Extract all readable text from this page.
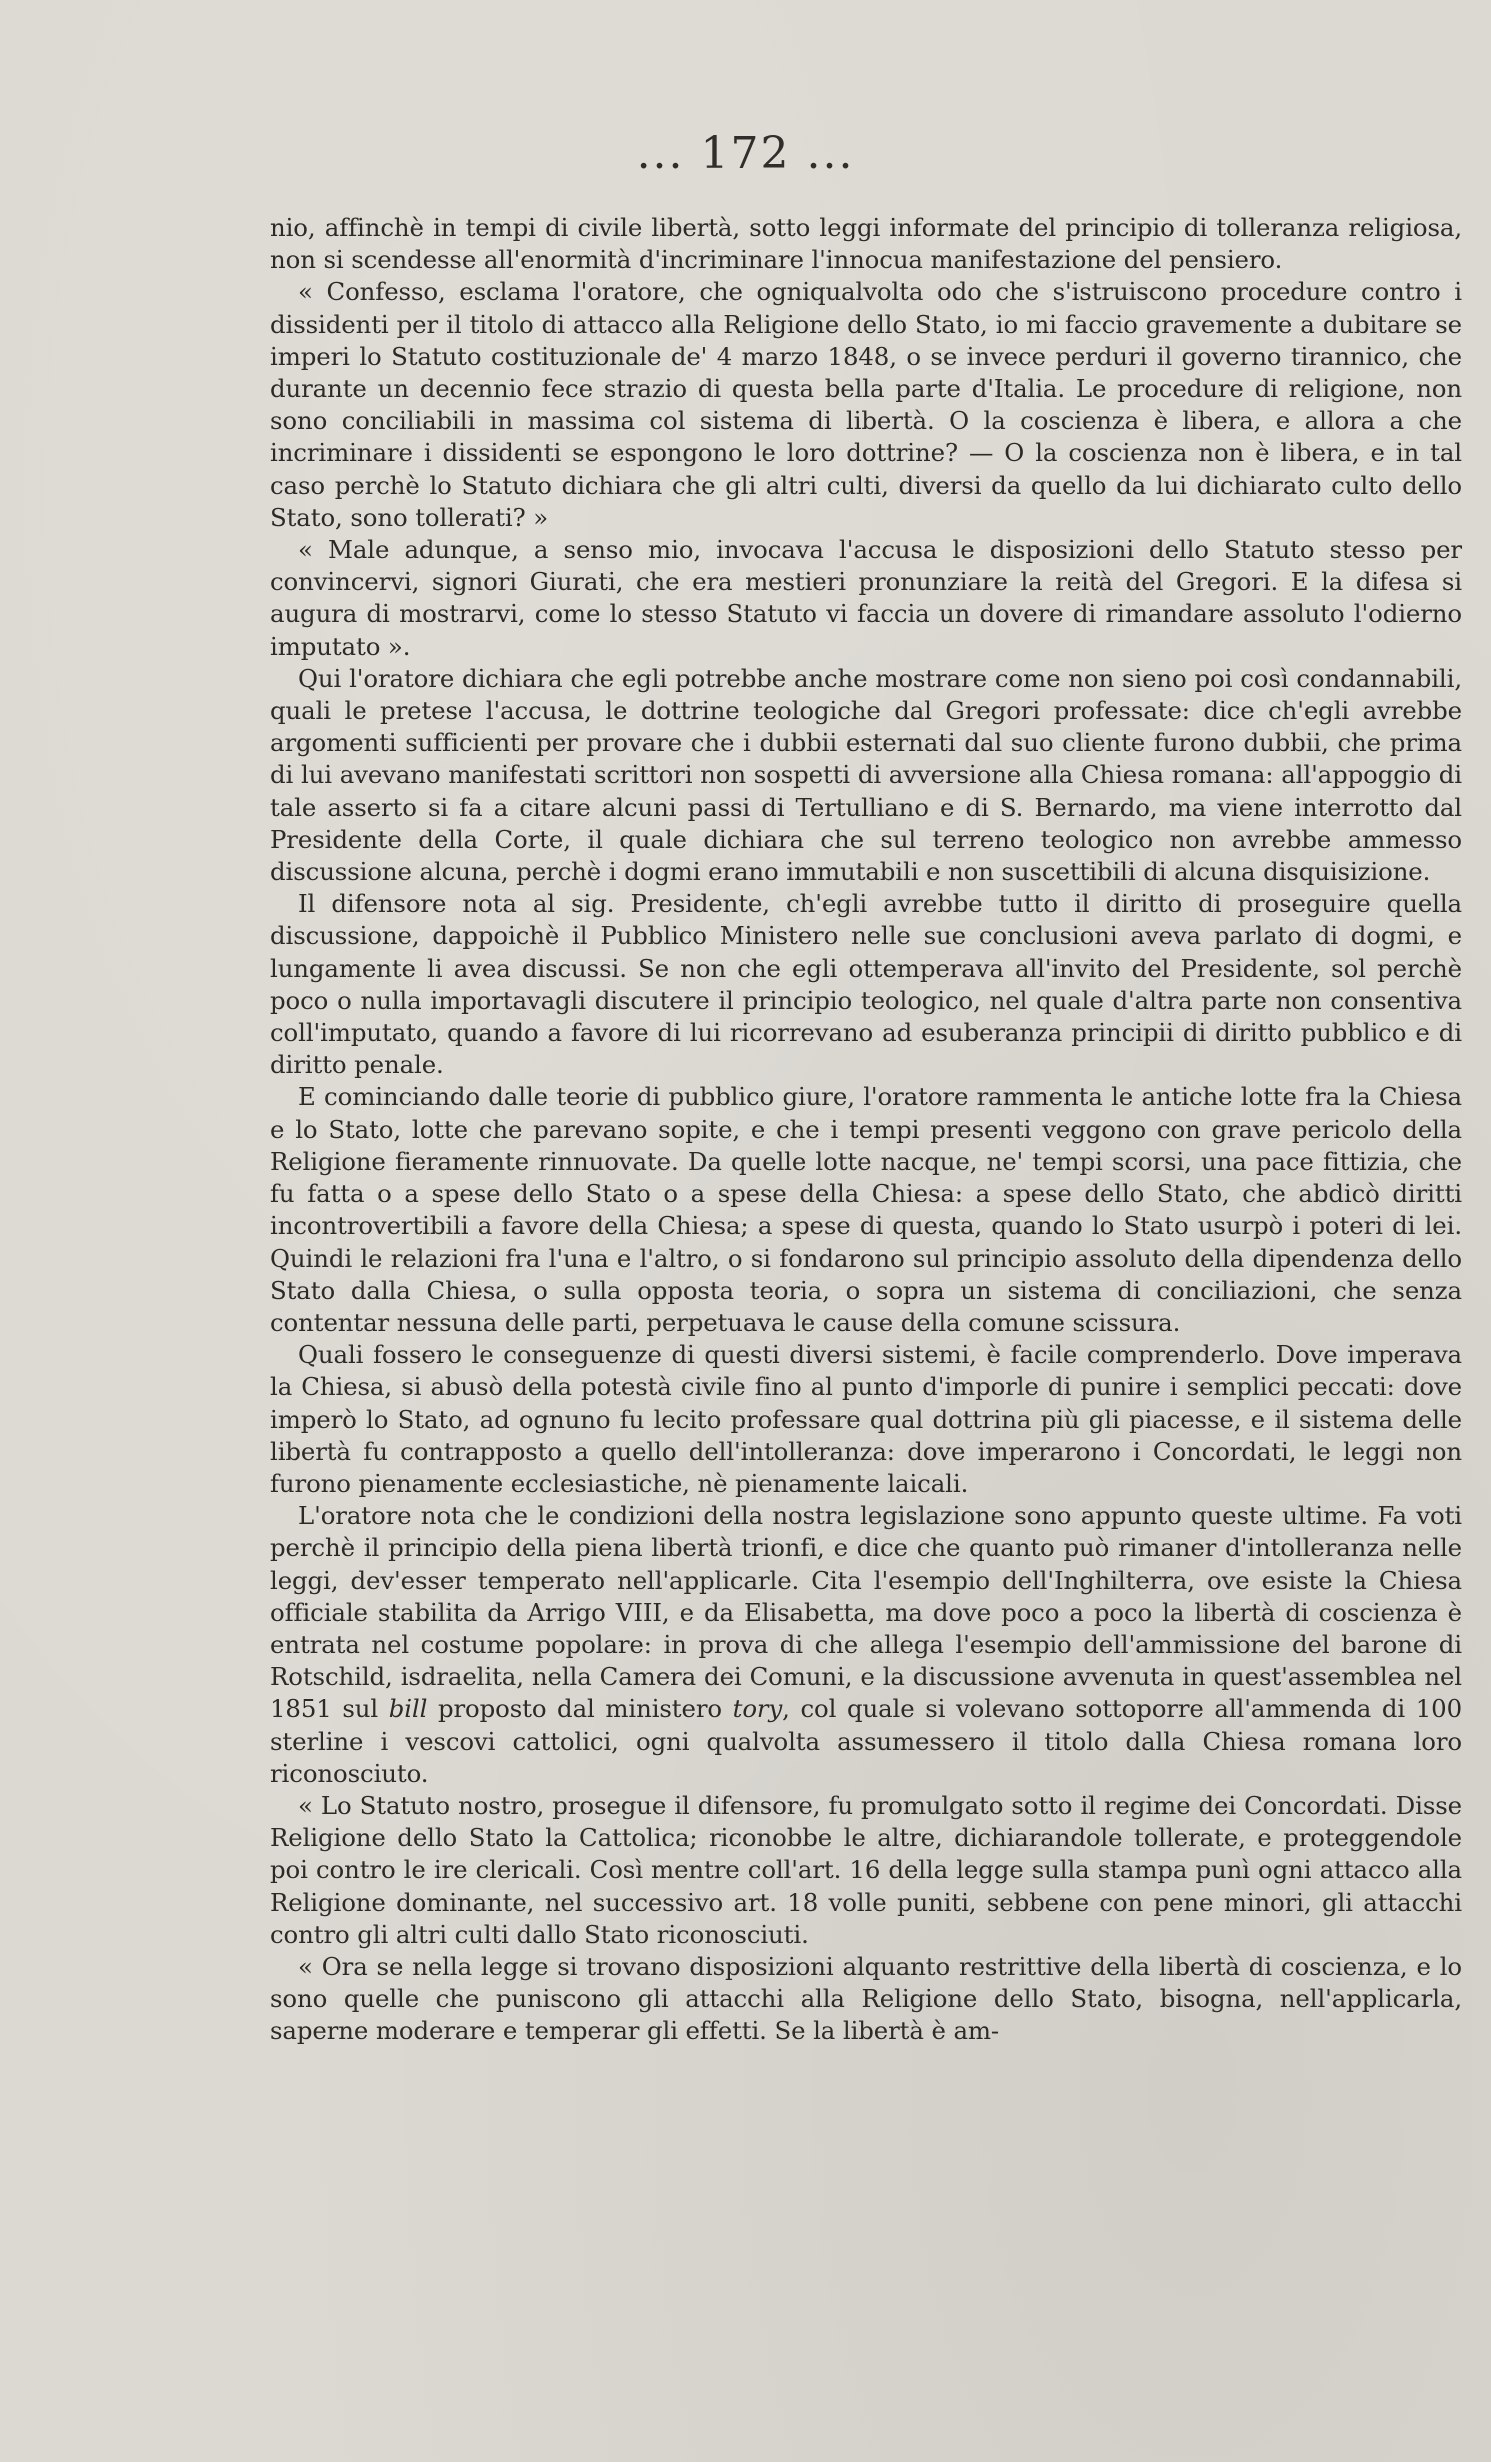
... 172 ...

nio, affinchè in tempi di civile libertà, sotto leggi informate del principio di tolleranza religiosa, non si scendesse all'enormità d'incriminare l'innocua manifestazione del pensiero.

« Confesso, esclama l'oratore, che ogniqualvolta odo che s'istruiscono procedure contro i dissidenti per il titolo di attacco alla Religione dello Stato, io mi faccio gravemente a dubitare se imperi lo Statuto costituzionale de' 4 marzo 1848, o se invece perduri il governo tirannico, che durante un decennio fece strazio di questa bella parte d'Italia. Le procedure di religione, non sono conciliabili in massima col sistema di libertà. O la coscienza è libera, e allora a che incriminare i dissidenti se espongono le loro dottrine? — O la coscienza non è libera, e in tal caso perchè lo Statuto dichiara che gli altri culti, diversi da quello da lui dichiarato culto dello Stato, sono tollerati? »

« Male adunque, a senso mio, invocava l'accusa le disposizioni dello Statuto stesso per convincervi, signori Giurati, che era mestieri pronunziare la reità del Gregori. E la difesa si augura di mostrarvi, come lo stesso Statuto vi faccia un dovere di rimandare assoluto l'odierno imputato ».

Qui l'oratore dichiara che egli potrebbe anche mostrare come non sieno poi così condannabili, quali le pretese l'accusa, le dottrine teologiche dal Gregori professate: dice ch'egli avrebbe argomenti sufficienti per provare che i dubbii esternati dal suo cliente furono dubbii, che prima di lui avevano manifestati scrittori non sospetti di avversione alla Chiesa romana: all'appoggio di tale asserto si fa a citare alcuni passi di Tertulliano e di S. Bernardo, ma viene interrotto dal Presidente della Corte, il quale dichiara che sul terreno teologico non avrebbe ammesso discussione alcuna, perchè i dogmi erano immutabili e non suscettibili di alcuna disquisizione.

Il difensore nota al sig. Presidente, ch'egli avrebbe tutto il diritto di proseguire quella discussione, dappoichè il Pubblico Ministero nelle sue conclusioni aveva parlato di dogmi, e lungamente li avea discussi. Se non che egli ottemperava all'invito del Presidente, sol perchè poco o nulla importavagli discutere il principio teologico, nel quale d'altra parte non consentiva coll'imputato, quando a favore di lui ricorrevano ad esuberanza principii di diritto pubblico e di diritto penale.

E cominciando dalle teorie di pubblico giure, l'oratore rammenta le antiche lotte fra la Chiesa e lo Stato, lotte che parevano sopite, e che i tempi presenti veggono con grave pericolo della Religione fieramente rinnuovate. Da quelle lotte nacque, ne' tempi scorsi, una pace fittizia, che fu fatta o a spese dello Stato o a spese della Chiesa: a spese dello Stato, che abdicò diritti incontrovertibili a favore della Chiesa; a spese di questa, quando lo Stato usurpò i poteri di lei. Quindi le relazioni fra l'una e l'altro, o si fondarono sul principio assoluto della dipendenza dello Stato dalla Chiesa, o sulla opposta teoria, o sopra un sistema di conciliazioni, che senza contentar nessuna delle parti, perpetuava le cause della comune scissura.

Quali fossero le conseguenze di questi diversi sistemi, è facile comprenderlo. Dove imperava la Chiesa, si abusò della potestà civile fino al punto d'imporle di punire i semplici peccati: dove imperò lo Stato, ad ognuno fu lecito professare qual dottrina più gli piacesse, e il sistema delle libertà fu contrapposto a quello dell'intolleranza: dove imperarono i Concordati, le leggi non furono pienamente ecclesiastiche, nè pienamente laicali.

L'oratore nota che le condizioni della nostra legislazione sono appunto queste ultime. Fa voti perchè il principio della piena libertà trionfi, e dice che quanto può rimaner d'intolleranza nelle leggi, dev'esser temperato nell'applicarle. Cita l'esempio dell'Inghilterra, ove esiste la Chiesa officiale stabilita da Arrigo VIII, e da Elisabetta, ma dove poco a poco la libertà di coscienza è entrata nel costume popolare: in prova di che allega l'esempio dell'ammissione del barone di Rotschild, isdraelita, nella Camera dei Comuni, e la discussione avvenuta in quest'assemblea nel 1851 sul bill proposto dal ministero tory, col quale si volevano sottoporre all'ammenda di 100 sterline i vescovi cattolici, ogni qualvolta assumessero il titolo dalla Chiesa romana loro riconosciuto.

« Lo Statuto nostro, prosegue il difensore, fu promulgato sotto il regime dei Concordati. Disse Religione dello Stato la Cattolica; riconobbe le altre, dichiarandole tollerate, e proteggendole poi contro le ire clericali. Così mentre coll'art. 16 della legge sulla stampa punì ogni attacco alla Religione dominante, nel successivo art. 18 volle puniti, sebbene con pene minori, gli attacchi contro gli altri culti dallo Stato riconosciuti.

« Ora se nella legge si trovano disposizioni alquanto restrittive della libertà di coscienza, e lo sono quelle che puniscono gli attacchi alla Religione dello Stato, bisogna, nell'applicarla, saperne moderare e temperar gli effetti. Se la libertà è am-
